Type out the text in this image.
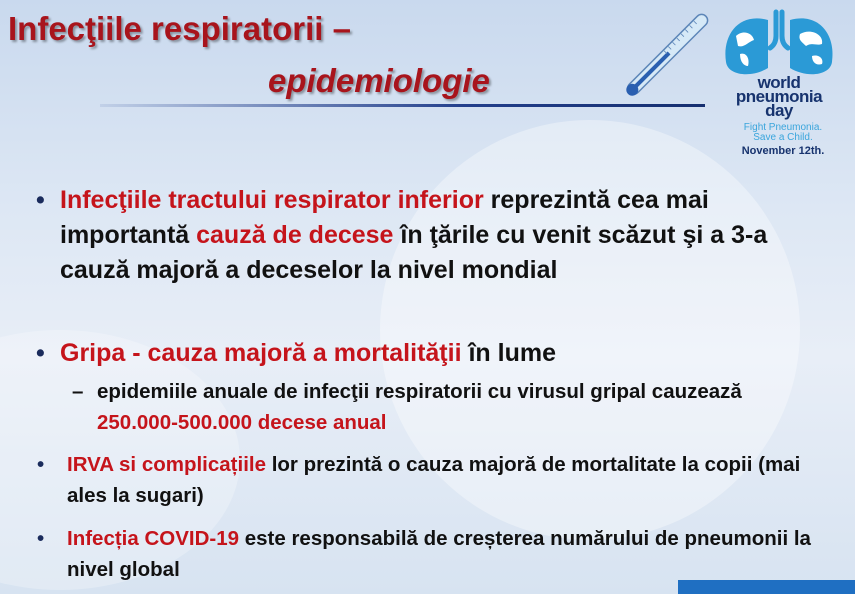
Infecţiile respiratorii –
epidemiologie	world
pneumonia
day
Fight Pneumonia.
Save a Child.
November 12th.
• Infecţiile tractului respirator inferior reprezintă cea mai importantă cauză de decese în ţările cu venit scăzut şi a 3-a cauză majoră a deceselor la nivel mondial
• Gripa - cauza majoră a mortalităţii în lume
– epidemiile anuale de infecţii respiratorii cu virusul gripal cauzează 250.000-500.000 decese anual
• IRVA si complicațiile lor prezintă o cauza majoră de mortalitate la copii (mai ales la sugari)
• Infecția COVID-19 este responsabilă de creșterea numărului de pneumonii la nivel global
